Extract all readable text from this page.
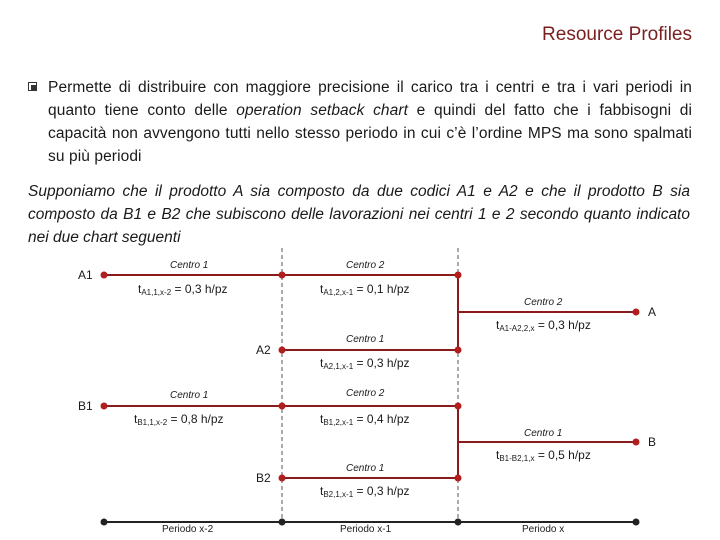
Resource Profiles
Permette di distribuire con maggiore precisione il carico tra i centri e tra i vari periodi in quanto tiene conto delle operation setback chart e quindi del fatto che i fabbisogni di capacità non avvengono tutti nello stesso periodo in cui c’è l’ordine MPS ma sono spalmati su più periodi
Supponiamo che il prodotto A sia composto da due codici A1 e A2 e che il prodotto B sia composto da B1 e B2 che subiscono delle lavorazioni nei centri 1 e 2 secondo quanto indicato nei due chart seguenti
A1
A2
A
B1
B2
B
Centro 1	Centro 2
Centro 2
Centro 1
Centro 1	Centro 2
Centro 1
Centro 1
$t_{A1,1,x-2} = 0,3$ h/pz	$t_{A1,2,x-1} = 0,1$ h/pz
$t_{A1-A2,2,x} = 0,3$ h/pz
$t_{A2,1,x-1} = 0,3$ h/pz
$t_{B1,1,x-2} = 0,8$ h/pz	$t_{B1,2,x-1} = 0,4$ h/pz
$t_{B1-B2,1,x} = 0,5$ h/pz
$t_{B2,1,x-1} = 0,3$ h/pz
Periodo x-2	Periodo x-1	Periodo x
